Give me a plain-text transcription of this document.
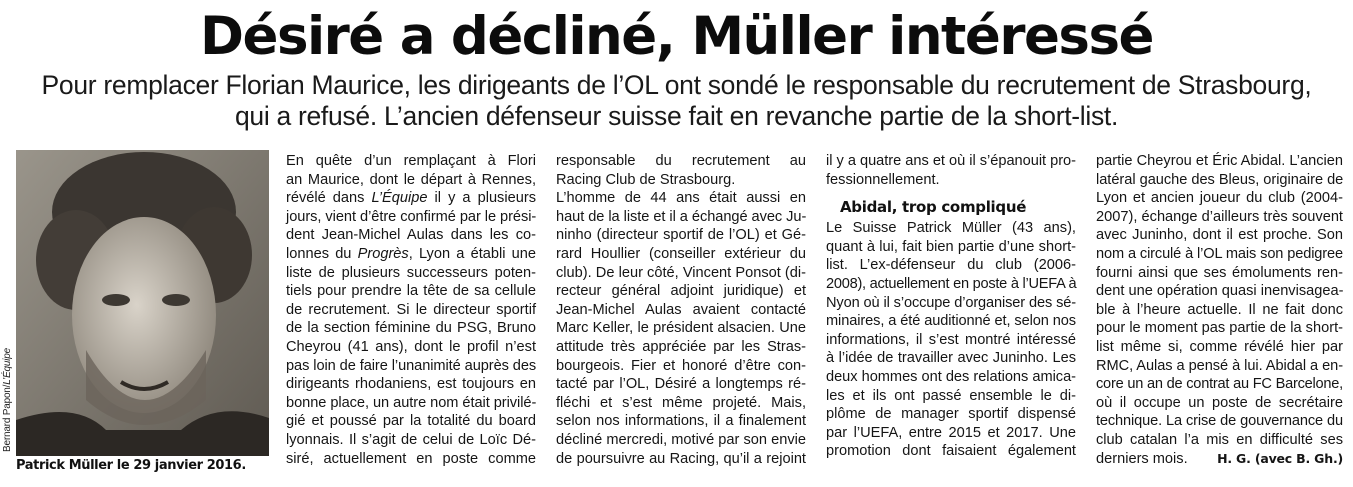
Désiré a décliné, Müller intéressé
Pour remplacer Florian Maurice, les dirigeants de l’OL ont sondé le responsable du recrutement de Strasbourg,
qui a refusé. L’ancien défenseur suisse fait en revanche partie de la short-list.
Bernard Papon/L’Équipe
Patrick Müller le 29 janvier 2016.
En quête d’un remplaçant à Flori
an Maurice, dont le départ à Rennes,
révélé dans L’Équipe il y a plusieurs
jours, vient d’être confirmé par le prési-
dent Jean-Michel Aulas dans les co-
lonnes du Progrès, Lyon a établi une
liste de plusieurs successeurs poten-
tiels pour prendre la tête de sa cellule
de recrutement. Si le directeur sportif
de la section féminine du PSG, Bruno
Cheyrou (41 ans), dont le profil n’est
pas loin de faire l’unanimité auprès des
dirigeants rhodaniens, est toujours en
bonne place, un autre nom était privilé-
gié et poussé par la totalité du board
lyonnais. Il s’agit de celui de Loïc Dé-
siré, actuellement en poste comme
responsable du recrutement au
Racing Club de Strasbourg.
L’homme de 44 ans était aussi en
haut de la liste et il a échangé avec Ju-
ninho (directeur sportif de l’OL) et Gé-
rard Houllier (conseiller extérieur du
club). De leur côté, Vincent Ponsot (di-
recteur général adjoint juridique) et
Jean-Michel Aulas avaient contacté
Marc Keller, le président alsacien. Une
attitude très appréciée par les Stras-
bourgeois. Fier et honoré d’être con-
tacté par l’OL, Désiré a longtemps ré-
fléchi et s’est même projeté. Mais,
selon nos informations, il a finalement
décliné mercredi, motivé par son envie
de poursuivre au Racing, qu’il a rejoint
il y a quatre ans et où il s’épanouit pro-
fessionnellement.
Abidal, trop compliqué
Le Suisse Patrick Müller (43 ans),
quant à lui, fait bien partie d’une short-
list. L’ex-défenseur du club (2006-
2008), actuellement en poste à l’UEFA à
Nyon où il s’occupe d’organiser des sé-
minaires, a été auditionné et, selon nos
informations, il s’est montré intéressé
à l’idée de travailler avec Juninho. Les
deux hommes ont des relations amica-
les et ils ont passé ensemble le di-
plôme de manager sportif dispensé
par l’UEFA, entre 2015 et 2017. Une
promotion dont faisaient également
partie Cheyrou et Éric Abidal. L’ancien
latéral gauche des Bleus, originaire de
Lyon et ancien joueur du club (2004-
2007), échange d’ailleurs très souvent
avec Juninho, dont il est proche. Son
nom a circulé à l’OL mais son pedigree
fourni ainsi que ses émoluments ren-
dent une opération quasi inenvisagea-
ble à l’heure actuelle. Il ne fait donc
pour le moment pas partie de la short-
list même si, comme révélé hier par
RMC, Aulas a pensé à lui. Abidal a en-
core un an de contrat au FC Barcelone,
où il occupe un poste de secrétaire
technique. La crise de gouvernance du
club catalan l’a mis en difficulté ses
derniers mois. H. G. (avec B. Gh.)
